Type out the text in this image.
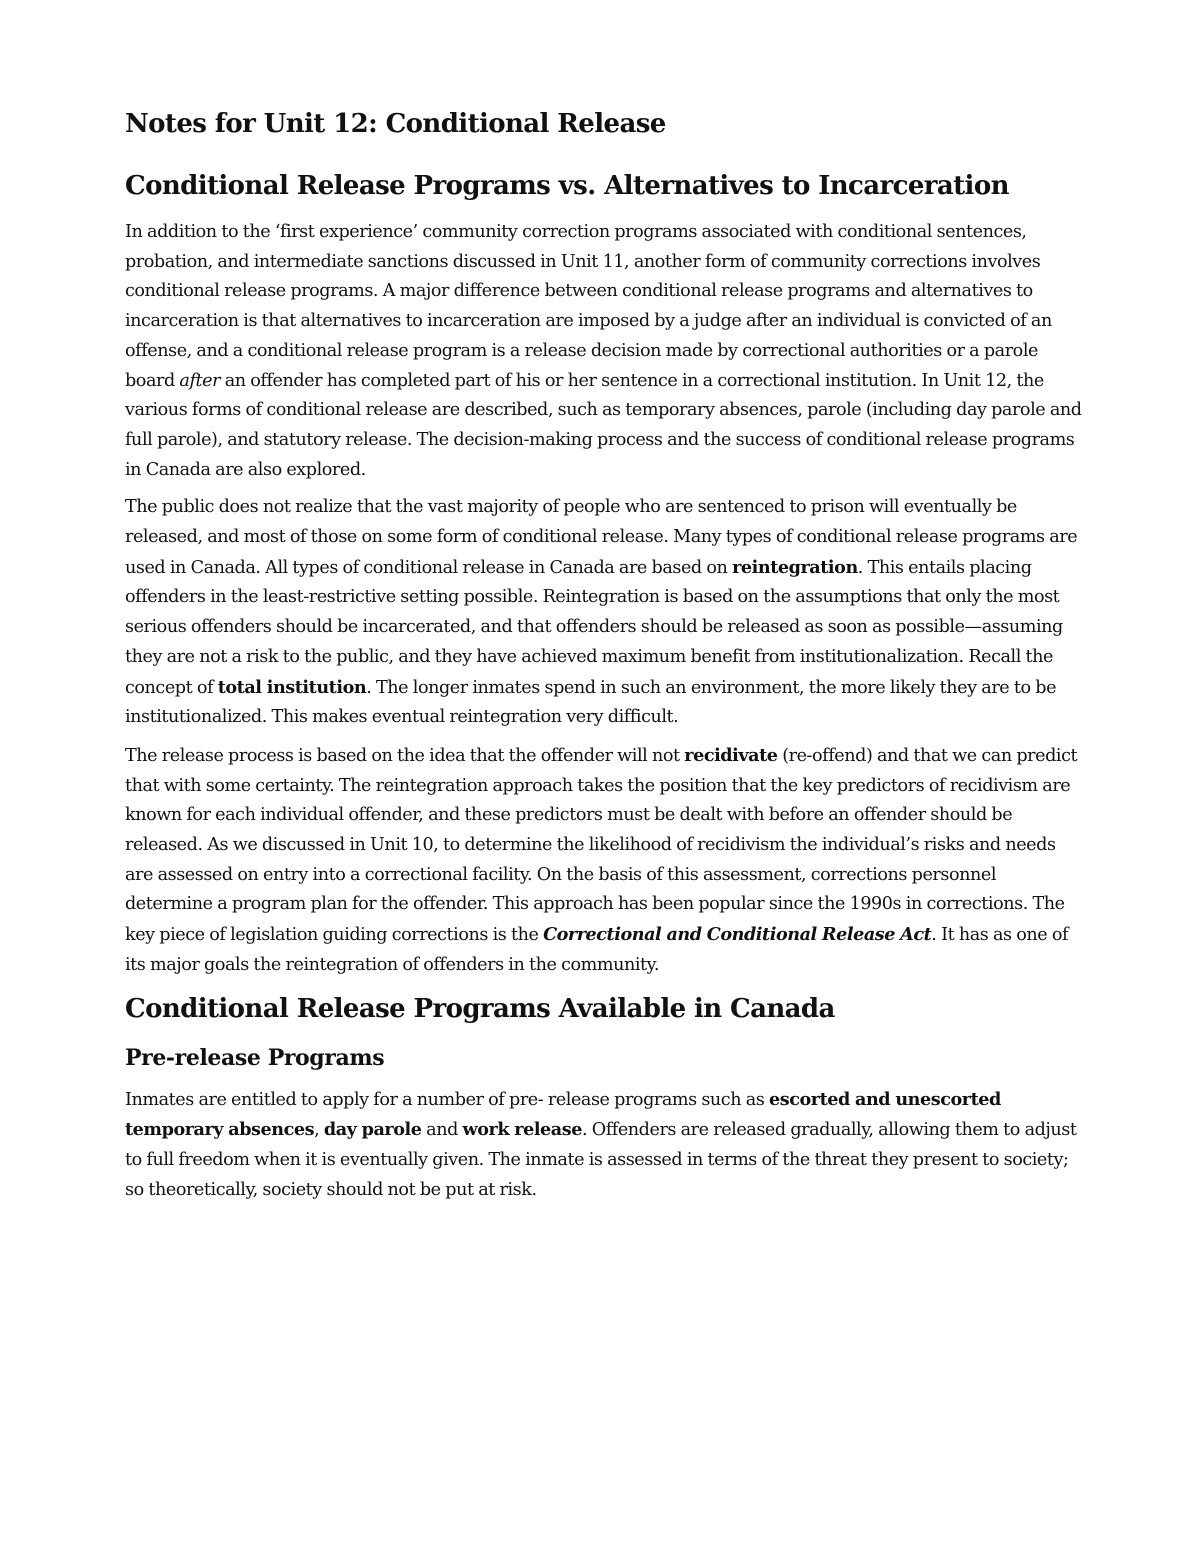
Notes for Unit 12: Conditional Release
Conditional Release Programs vs. Alternatives to Incarceration

In addition to the ‘first experience’ community correction programs associated with conditional sentences, probation, and intermediate sanctions discussed in Unit 11, another form of community corrections involves conditional release programs. A major difference between conditional release programs and alternatives to incarceration is that alternatives to incarceration are imposed by a judge after an individual is convicted of an offense, and a conditional release program is a release decision made by correctional authorities or a parole board after an offender has completed part of his or her sentence in a correctional institution. In Unit 12, the various forms of conditional release are described, such as temporary absences, parole (including day parole and full parole), and statutory release. The decision-making process and the success of conditional release programs in Canada are also explored.

The public does not realize that the vast majority of people who are sentenced to prison will eventually be released, and most of those on some form of conditional release. Many types of conditional release programs are used in Canada. All types of conditional release in Canada are based on reintegration. This entails placing offenders in the least-restrictive setting possible. Reintegration is based on the assumptions that only the most serious offenders should be incarcerated, and that offenders should be released as soon as possible—assuming they are not a risk to the public, and they have achieved maximum benefit from institutionalization. Recall the concept of total institution. The longer inmates spend in such an environment, the more likely they are to be institutionalized. This makes eventual reintegration very difficult.

The release process is based on the idea that the offender will not recidivate (re-offend) and that we can predict that with some certainty. The reintegration approach takes the position that the key predictors of recidivism are known for each individual offender, and these predictors must be dealt with before an offender should be released. As we discussed in Unit 10, to determine the likelihood of recidivism the individual’s risks and needs are assessed on entry into a correctional facility. On the basis of this assessment, corrections personnel determine a program plan for the offender. This approach has been popular since the 1990s in corrections. The key piece of legislation guiding corrections is the Correctional and Conditional Release Act. It has as one of its major goals the reintegration of offenders in the community.

Conditional Release Programs Available in Canada
Pre-release Programs

Inmates are entitled to apply for a number of pre- release programs such as escorted and unescorted temporary absences, day parole and work release. Offenders are released gradually, allowing them to adjust to full freedom when it is eventually given. The inmate is assessed in terms of the threat they present to society; so theoretically, society should not be put at risk.
